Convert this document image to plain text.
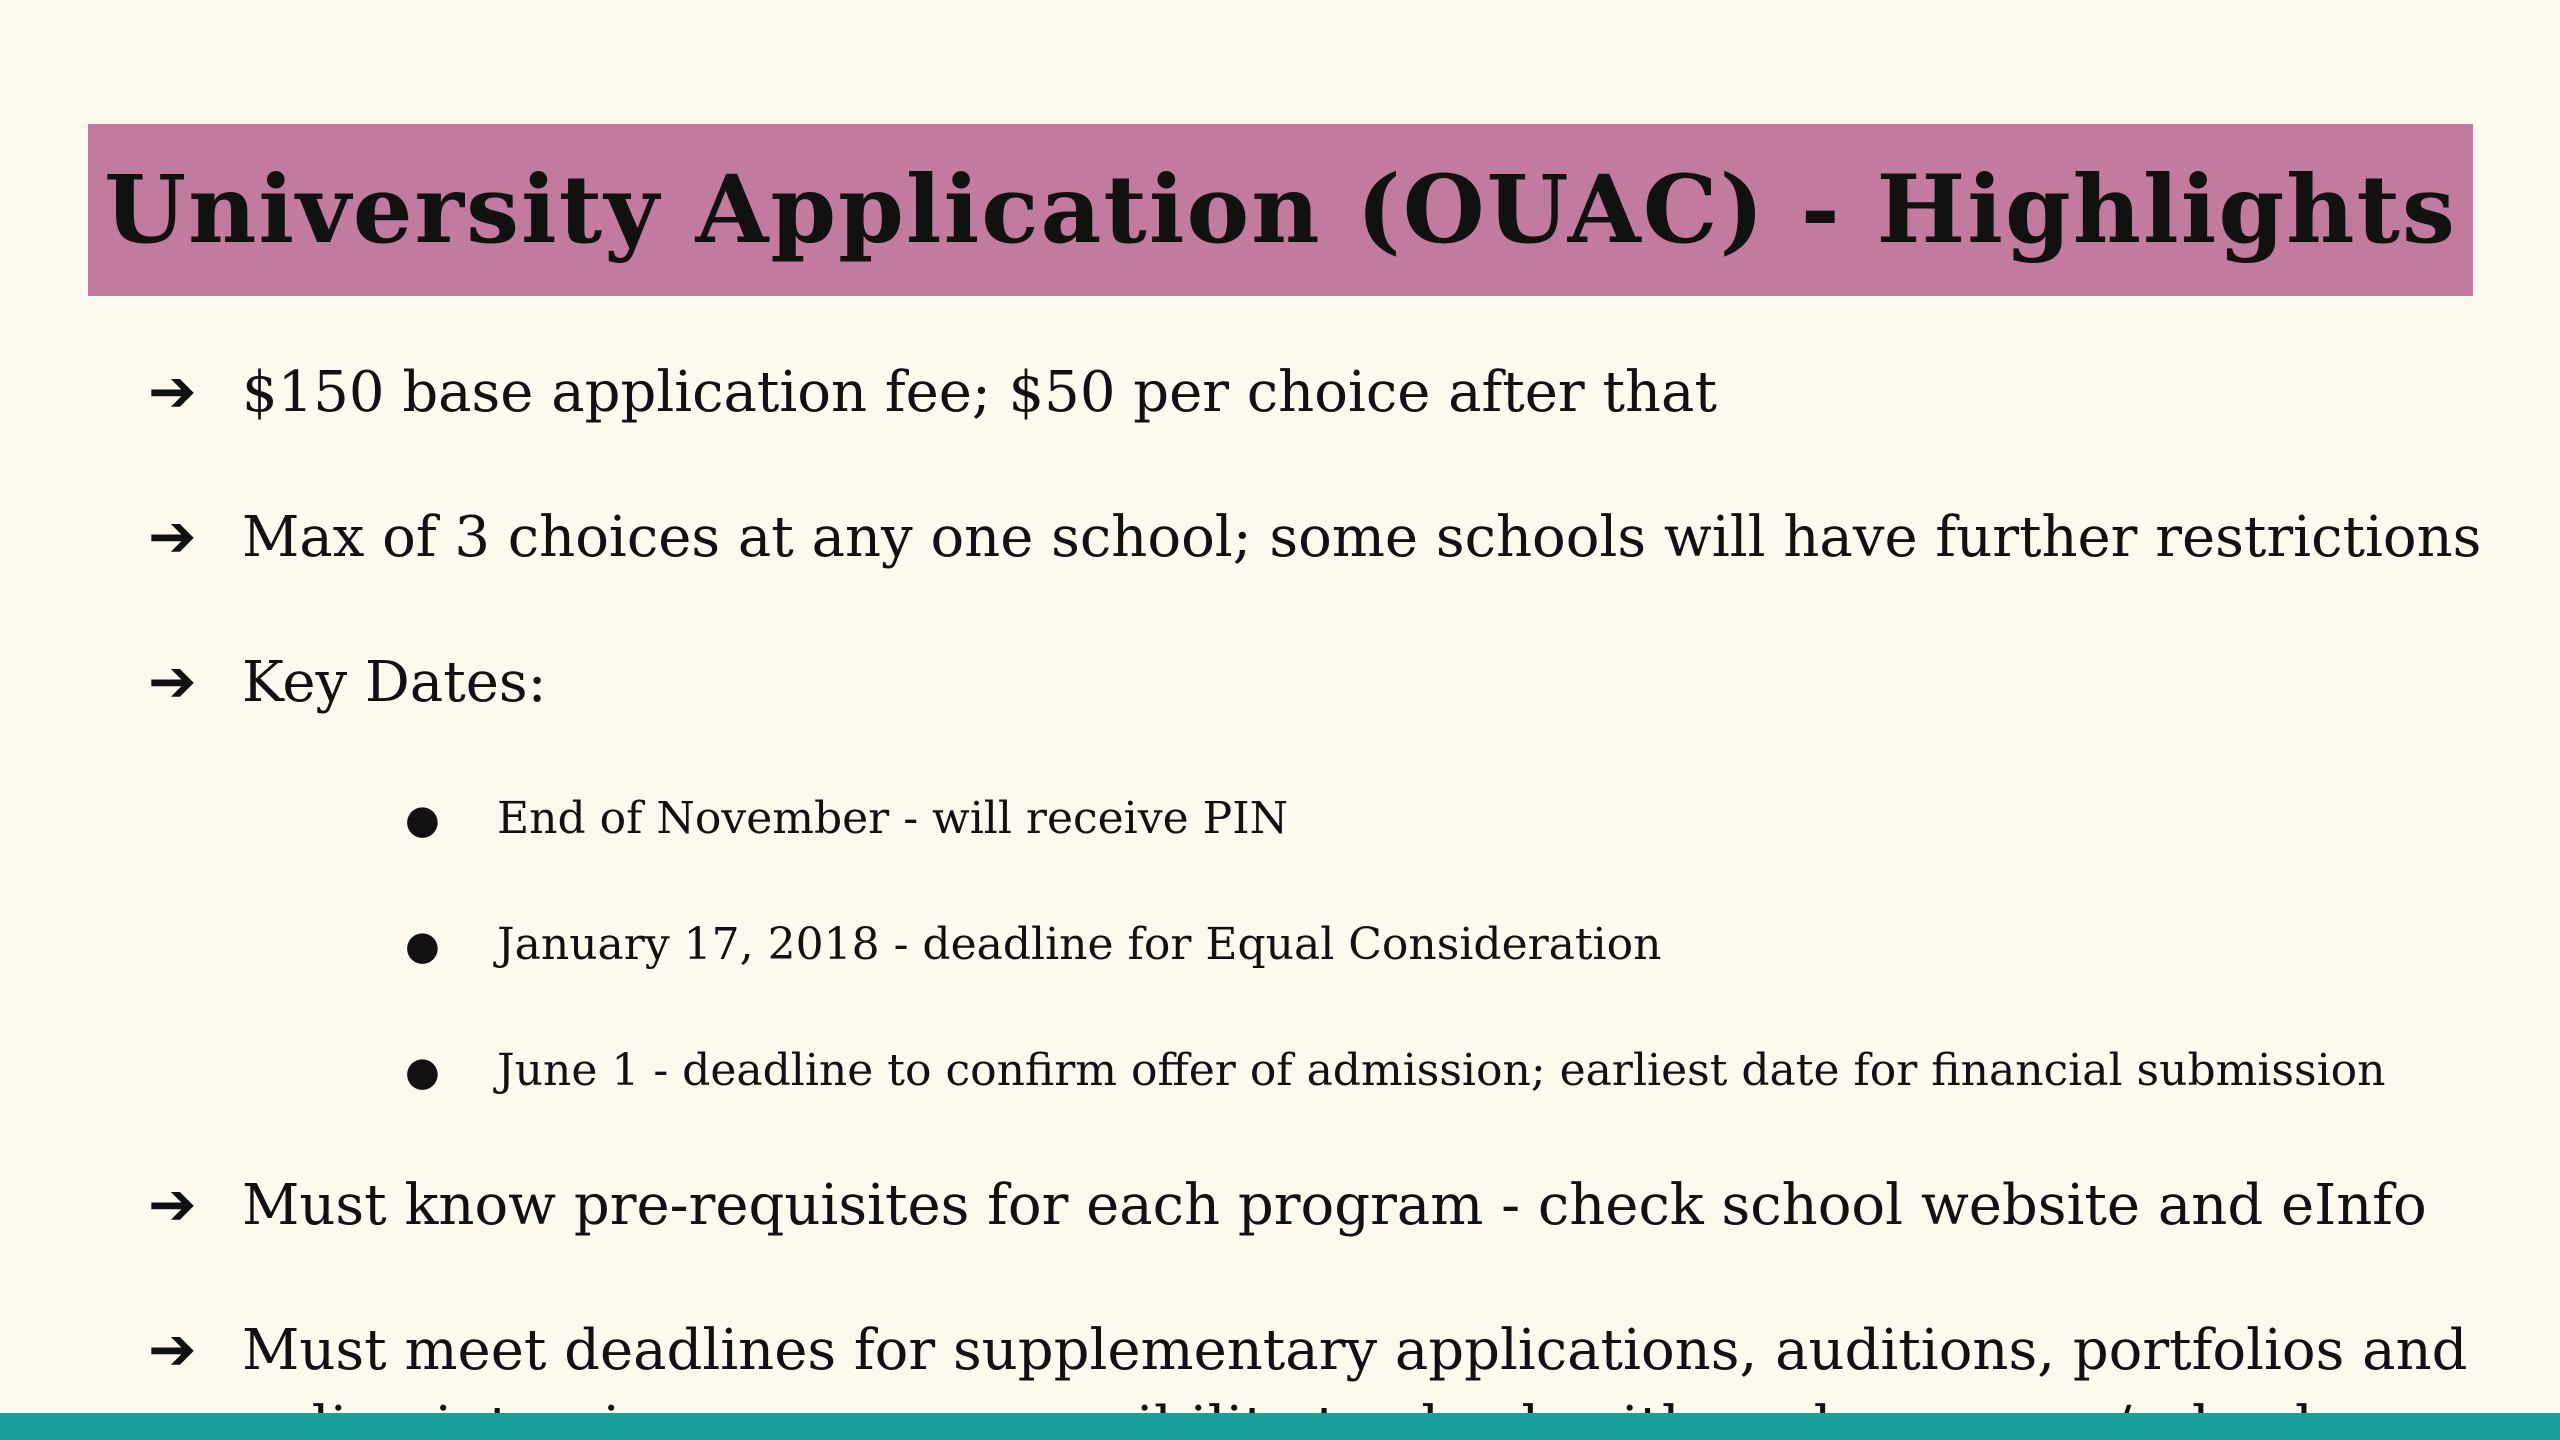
University Application (OUAC) - Highlights
➔ $150 base application fee; $50 per choice after that
➔ Max of 3 choices at any one school; some schools will have further restrictions
➔ Key Dates:
●	End of November - will receive PIN
●	January 17, 2018 - deadline for Equal Consideration
●	June 1 - deadline to confirm offer of admission; earliest date for financial submission
➔ Must know pre-requisites for each program - check school website and eInfo
➔ Must meet deadlines for supplementary applications, auditions, portfolios and
